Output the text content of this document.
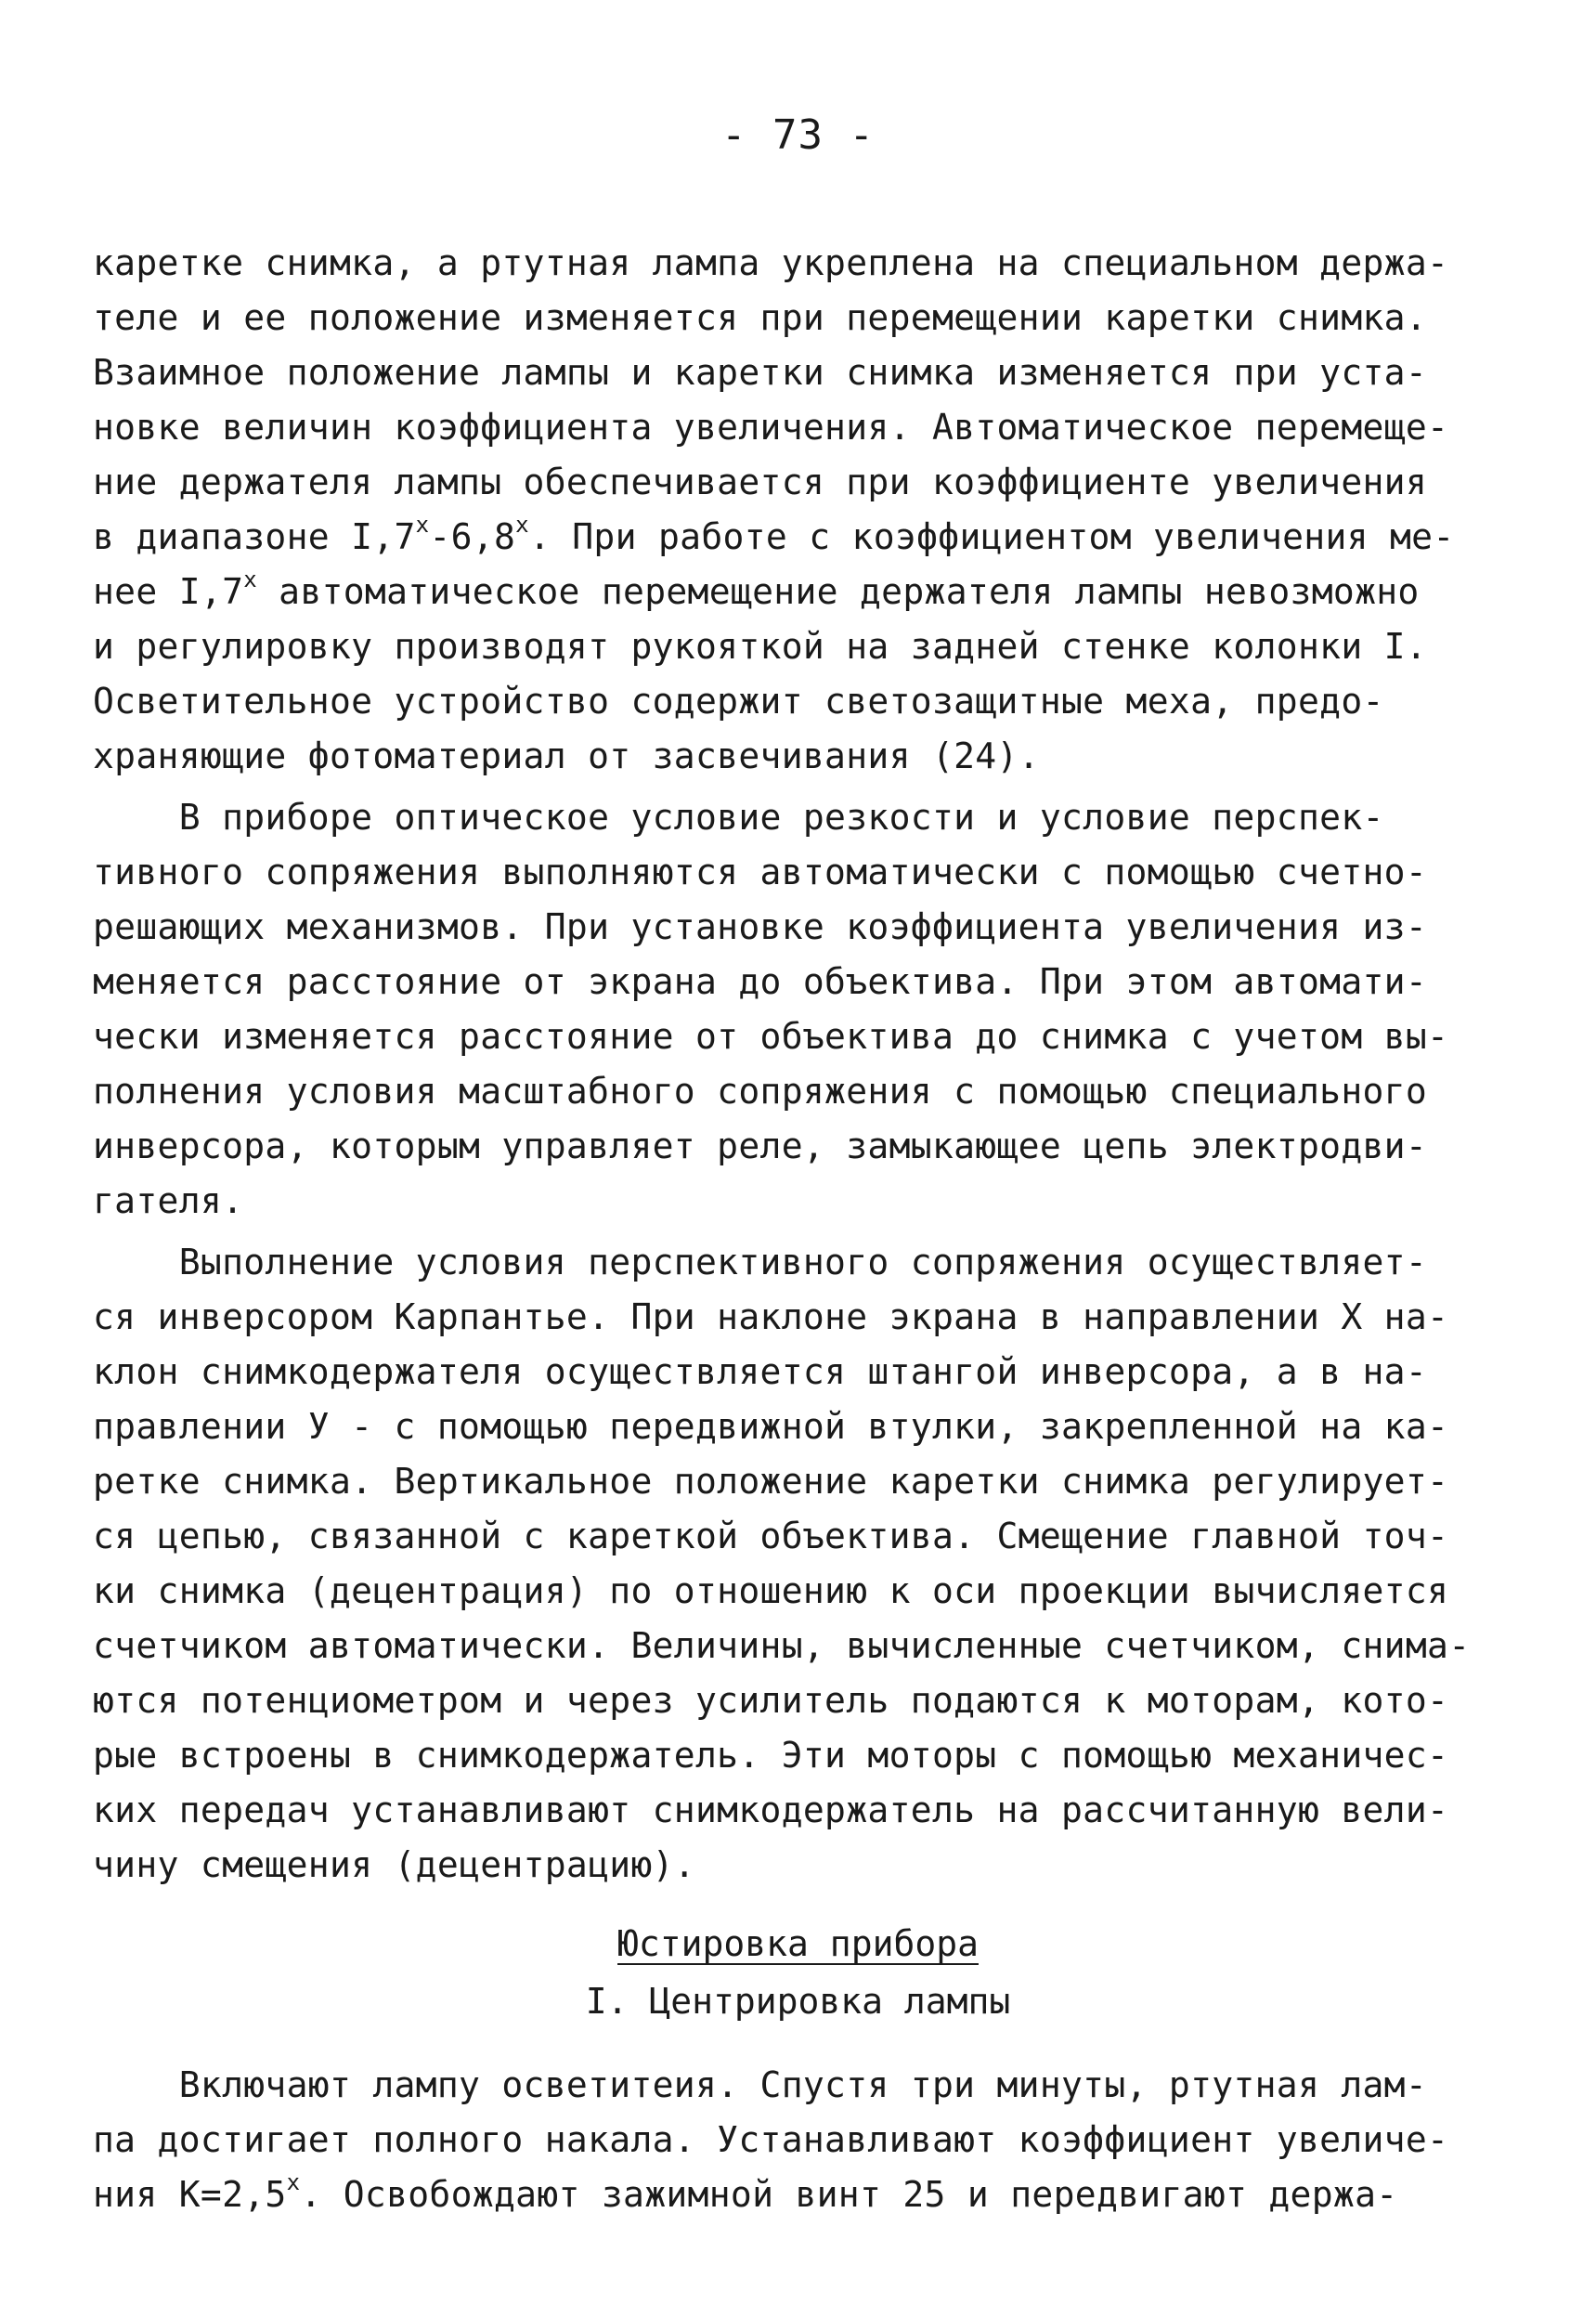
- 73 -
каретке снимка, а ртутная лампа укреплена на специальном держа-
теле и ее положение изменяется при перемещении каретки снимка.
Взаимное положение лампы и каретки снимка изменяется при уста-
новке величин коэффициента увеличения. Автоматическое перемеще-
ние держателя лампы обеспечивается при коэффициенте увеличения
в диапазоне $I,7^х-6,8^х$. При работе с коэффициентом увеличения ме-
нее $I,7^х$ автоматическое перемещение держателя лампы невозможно
и регулировку производят рукояткой на задней стенке колонки I.
Осветительное устройство содержит светозащитные меха, предо-
храняющие фотоматериал от засвечивания (24).
В приборе оптическое условие резкости и условие перспек-
тивного сопряжения выполняются автоматически с помощью счетно-
решающих механизмов. При установке коэффициента увеличения из-
меняется расстояние от экрана до объектива. При этом автомати-
чески изменяется расстояние от объектива до снимка с учетом вы-
полнения условия масштабного сопряжения с помощью специального
инверсора, которым управляет реле, замыкающее цепь электродви-
гателя.
Выполнение условия перспективного сопряжения осуществляет-
ся инверсором Карпантье. При наклоне экрана в направлении Х на-
клон снимкодержателя осуществляется штангой инверсора, а в на-
правлении У - с помощью передвижной втулки, закрепленной на ка-
ретке снимка. Вертикальное положение каретки снимка регулирует-
ся цепью, связанной с кареткой объектива. Смещение главной точ-
ки снимка (децентрация) по отношению к оси проекции вычисляется
счетчиком автоматически. Величины, вычисленные счетчиком, снима-
ются потенциометром и через усилитель подаются к моторам, кото-
рые встроены в снимкодержатель. Эти моторы с помощью механичес-
ких передач устанавливают снимкодержатель на рассчитанную вели-
чину смещения (децентрацию).
Юстировка прибора
I. Центрировка лампы
Включают лампу осветитеия. Спустя три минуты, ртутная лам-
па достигает полного накала. Устанавливают коэффициент увеличе-
ния $К=2,5^х$. Освобождают зажимной винт 25 и передвигают держа-
